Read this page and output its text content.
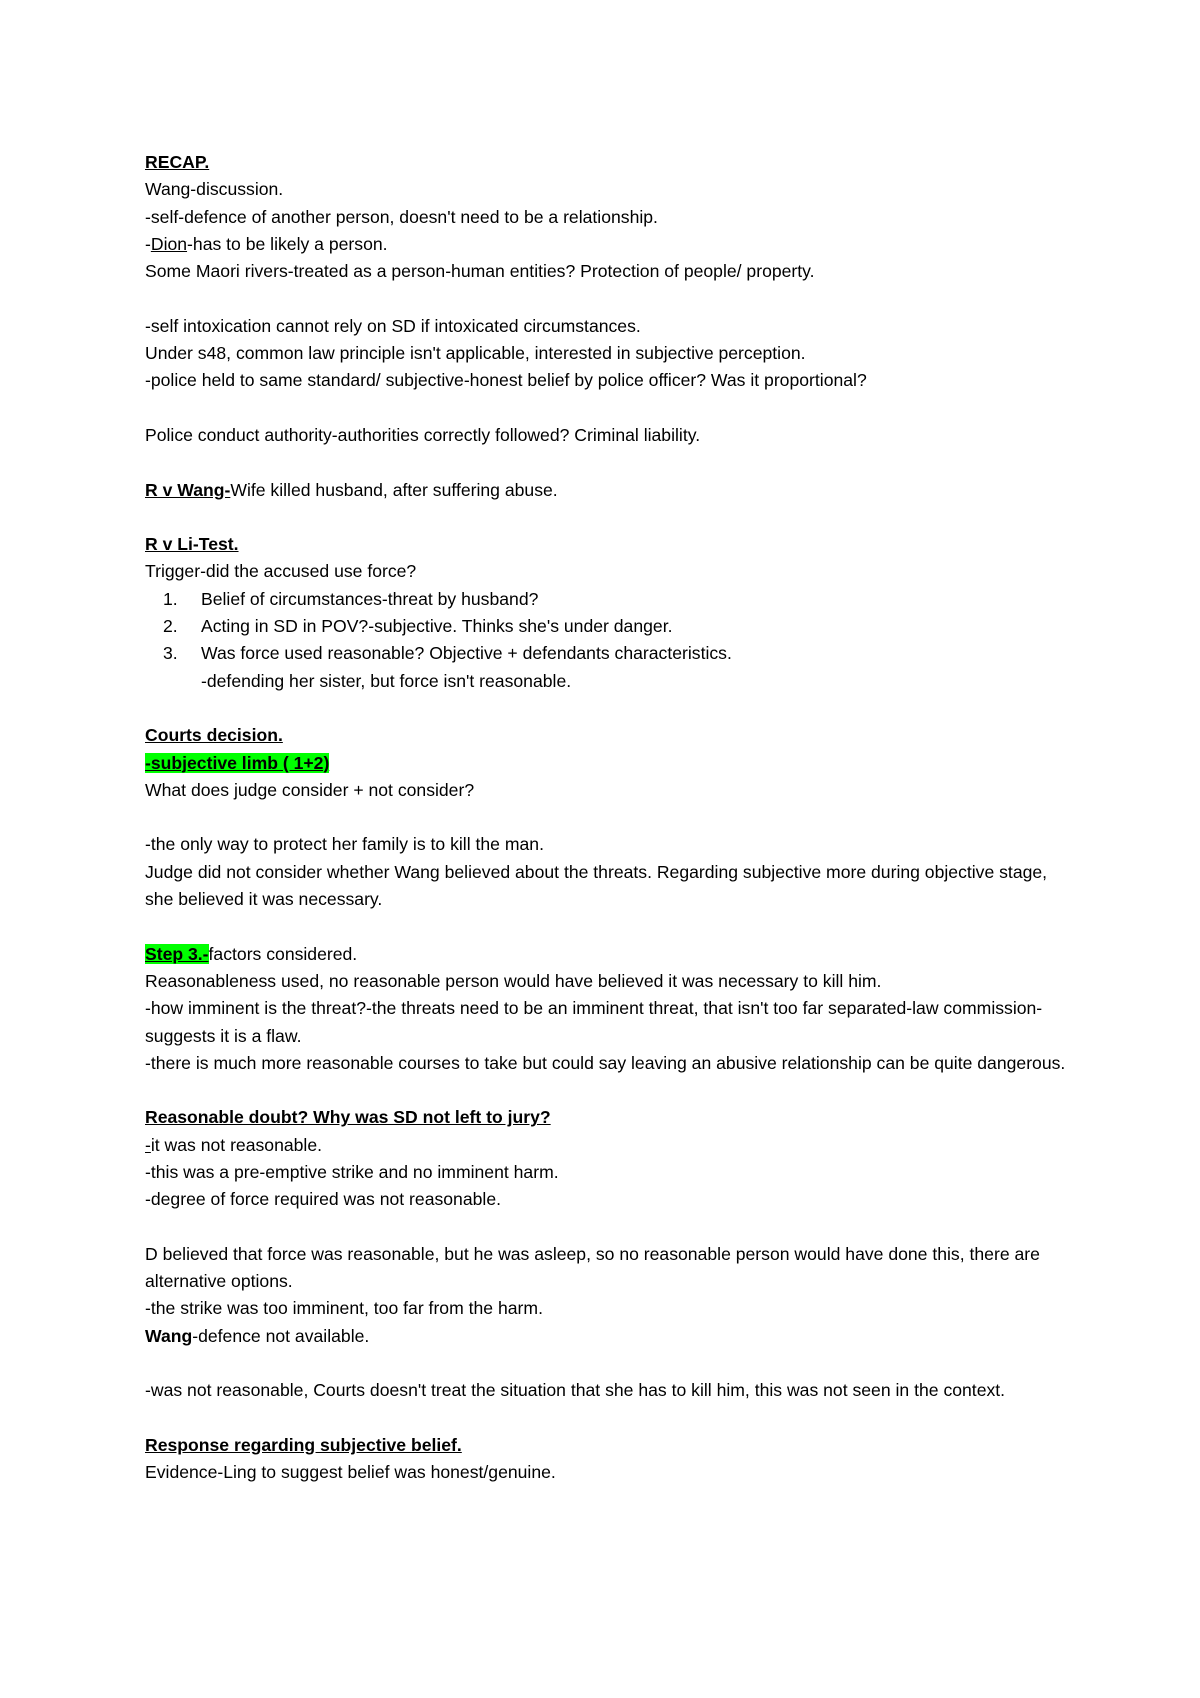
RECAP.
Wang-discussion.
-self-defence of another person, doesn't need to be a relationship.
-Dion-has to be likely a person.
Some Maori rivers-treated as a person-human entities? Protection of people/ property.
-self intoxication cannot rely on SD if intoxicated circumstances.
Under s48, common law principle isn't applicable, interested in subjective perception.
-police held to same standard/ subjective-honest belief by police officer? Was it proportional?
Police conduct authority-authorities correctly followed? Criminal liability.
R v Wang-Wife killed husband, after suffering abuse.
R v Li-Test.
Trigger-did the accused use force?
1. Belief of circumstances-threat by husband?
2. Acting in SD in POV?-subjective. Thinks she's under danger.
3. Was force used reasonable? Objective + defendants characteristics.
-defending her sister, but force isn't reasonable.
Courts decision.
-subjective limb ( 1+2)
What does judge consider + not consider?
-the only way to protect her family is to kill the man.
Judge did not consider whether Wang believed about the threats. Regarding subjective more during objective stage, she believed it was necessary.
Step 3.-factors considered.
Reasonableness used, no reasonable person would have believed it was necessary to kill him.
-how imminent is the threat?-the threats need to be an imminent threat, that isn't too far separated-law commission-suggests it is a flaw.
-there is much more reasonable courses to take but could say leaving an abusive relationship can be quite dangerous.
Reasonable doubt? Why was SD not left to jury?
-it was not reasonable.
-this was a pre-emptive strike and no imminent harm.
-degree of force required was not reasonable.
D believed that force was reasonable, but he was asleep, so no reasonable person would have done this, there are alternative options.
-the strike was too imminent, too far from the harm.
Wang-defence not available.
-was not reasonable, Courts doesn't treat the situation that she has to kill him, this was not seen in the context.
Response regarding subjective belief.
Evidence-Ling to suggest belief was honest/genuine.
